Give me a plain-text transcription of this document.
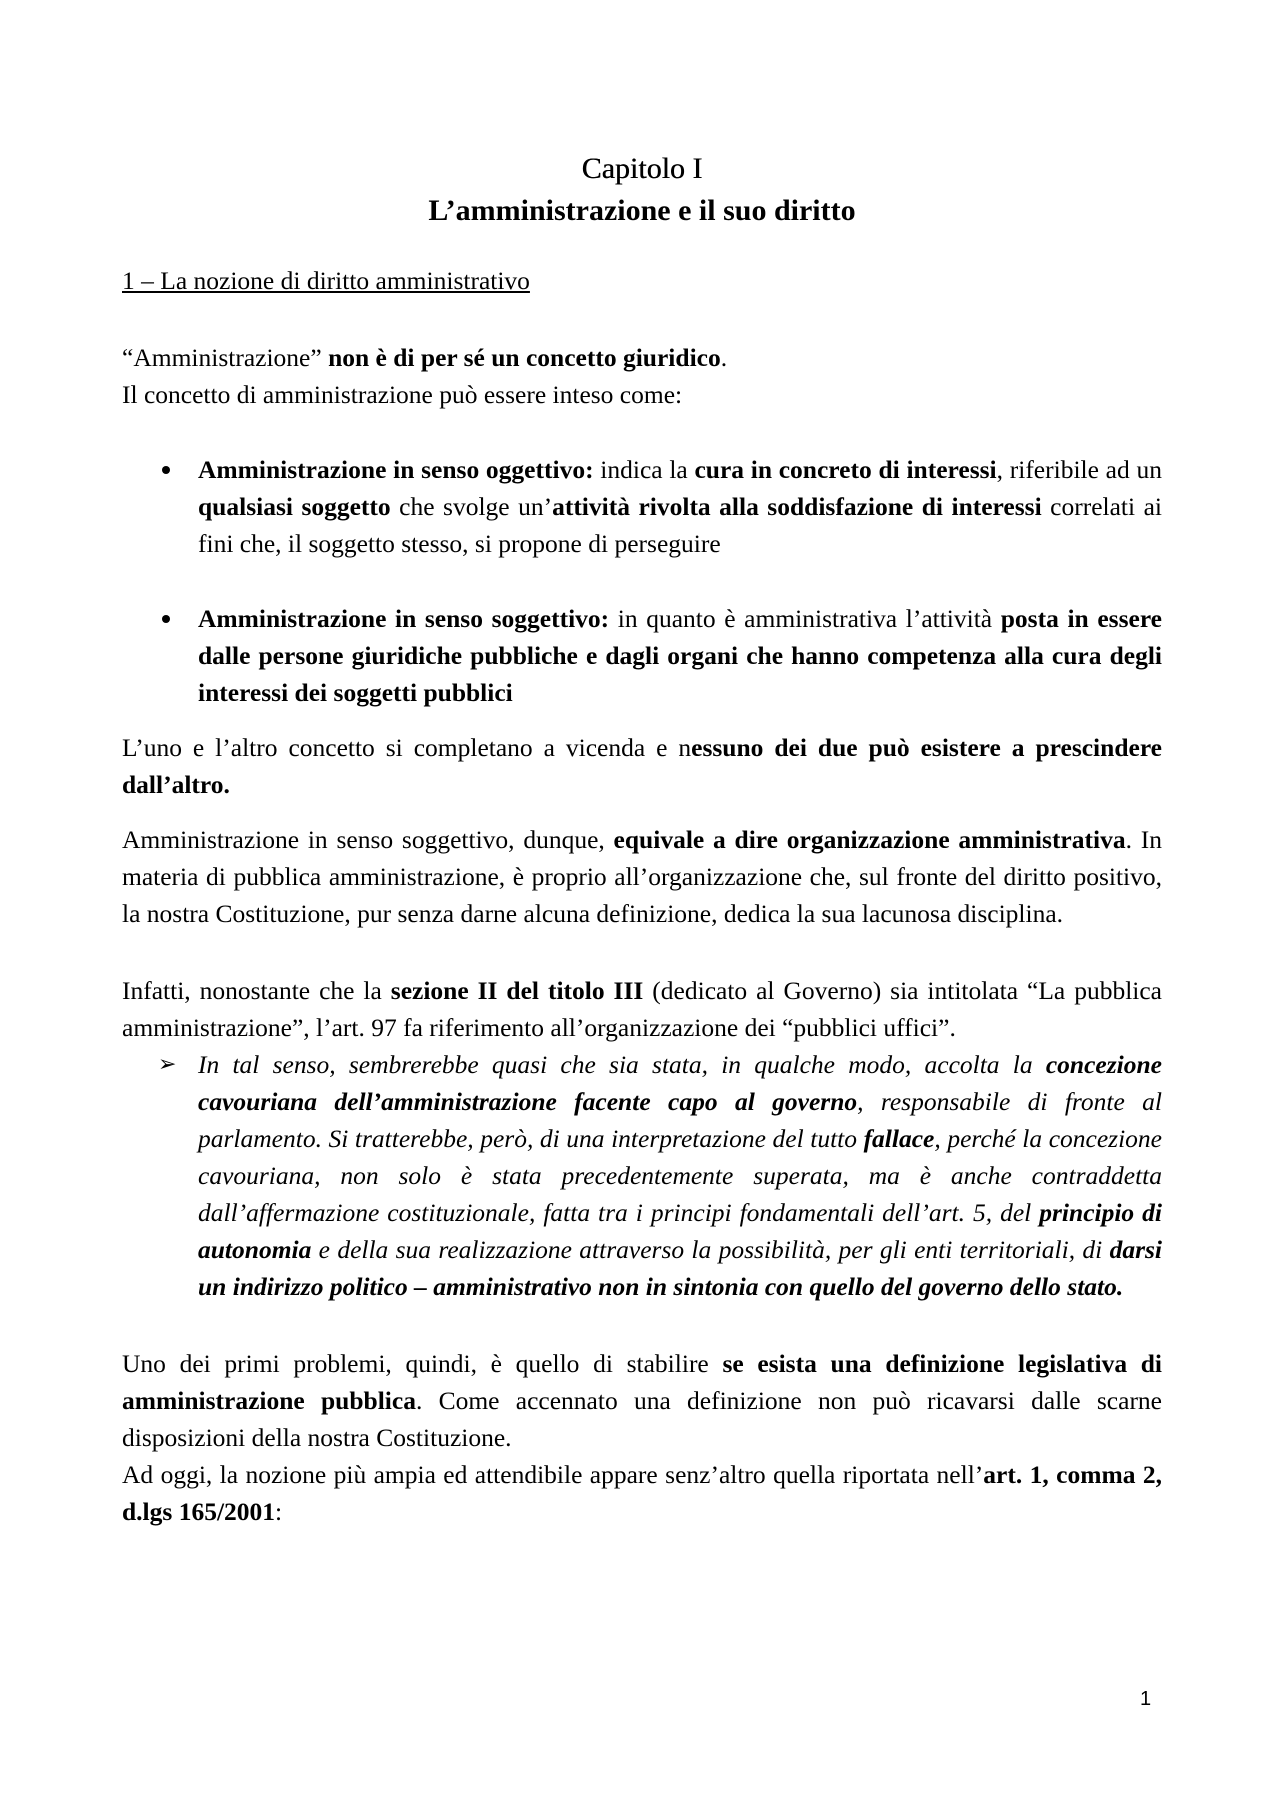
Capitolo I
L’amministrazione e il suo diritto

1 – La nozione di diritto amministrativo

“Amministrazione” non è di per sé un concetto giuridico.

Il concetto di amministrazione può essere inteso come:

Amministrazione in senso oggettivo: indica la cura in concreto di interessi, riferibile ad un qualsiasi soggetto che svolge un’attività rivolta alla soddisfazione di interessi correlati ai fini che, il soggetto stesso, si propone di perseguire
Amministrazione in senso soggettivo: in quanto è amministrativa l’attività posta in essere dalle persone giuridiche pubbliche e dagli organi che hanno competenza alla cura degli interessi dei soggetti pubblici

L’uno e l’altro concetto si completano a vicenda e nessuno dei due può esistere a prescindere dall’altro.

Amministrazione in senso soggettivo, dunque, equivale a dire organizzazione amministrativa. In materia di pubblica amministrazione, è proprio all’organizzazione che, sul fronte del diritto positivo, la nostra Costituzione, pur senza darne alcuna definizione, dedica la sua lacunosa disciplina.

Infatti, nonostante che la sezione II del titolo III (dedicato al Governo) sia intitolata “La pubblica amministrazione”, l’art. 97 fa riferimento all’organizzazione dei “pubblici uffici”.

➢ In tal senso, sembrerebbe quasi che sia stata, in qualche modo, accolta la concezione cavouriana dell’amministrazione facente capo al governo, responsabile di fronte al parlamento. Si tratterebbe, però, di una interpretazione del tutto fallace, perché la concezione cavouriana, non solo è stata precedentemente superata, ma è anche contraddetta dall’affermazione costituzionale, fatta tra i principi fondamentali dell’art. 5, del principio di autonomia e della sua realizzazione attraverso la possibilità, per gli enti territoriali, di darsi un indirizzo politico – amministrativo non in sintonia con quello del governo dello stato.

Uno dei primi problemi, quindi, è quello di stabilire se esista una definizione legislativa di amministrazione pubblica. Come accennato una definizione non può ricavarsi dalle scarne disposizioni della nostra Costituzione.

Ad oggi, la nozione più ampia ed attendibile appare senz’altro quella riportata nell’art. 1, comma 2, d.lgs 165/2001:

1
